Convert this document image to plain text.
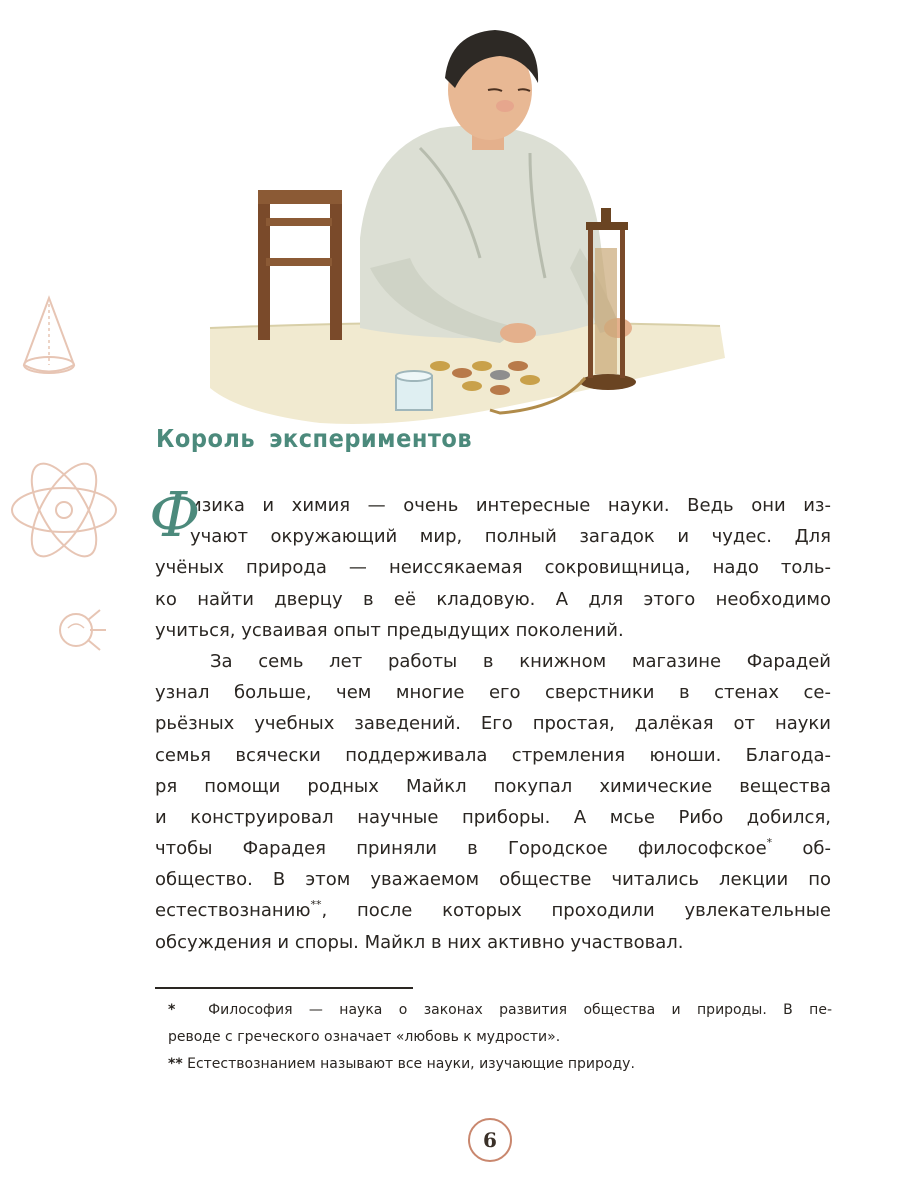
Король экспериментов
Ф
изика и химия — очень интересные науки. Ведь они из-
учают окружающий мир, полный загадок и чудес. Для
учёных природа — неиссякаемая сокровищница, надо толь-
ко найти дверцу в её кладовую. А для этого необходимо
учиться, усваивая опыт предыдущих поколений.
За семь лет работы в книжном магазине Фарадей
узнал больше, чем многие его сверстники в стенах се-
рьёзных учебных заведений. Его простая, далёкая от науки
семья всячески поддерживала стремления юноши. Благода-
ря помощи родных Майкл покупал химические вещества
и конструировал научные приборы. А мсье Рибо добился,
чтобы Фарадея приняли в Городское философское* об-
общество. В этом уважаемом обществе читались лекции по
естествознанию**, после которых проходили увлекательные
обсуждения и споры. Майкл в них активно участвовал.
* Философия — наука о законах развития общества и природы. В пе-
реводе с греческого означает «любовь к мудрости».
** Естествознанием называют все науки, изучающие природу.
6
